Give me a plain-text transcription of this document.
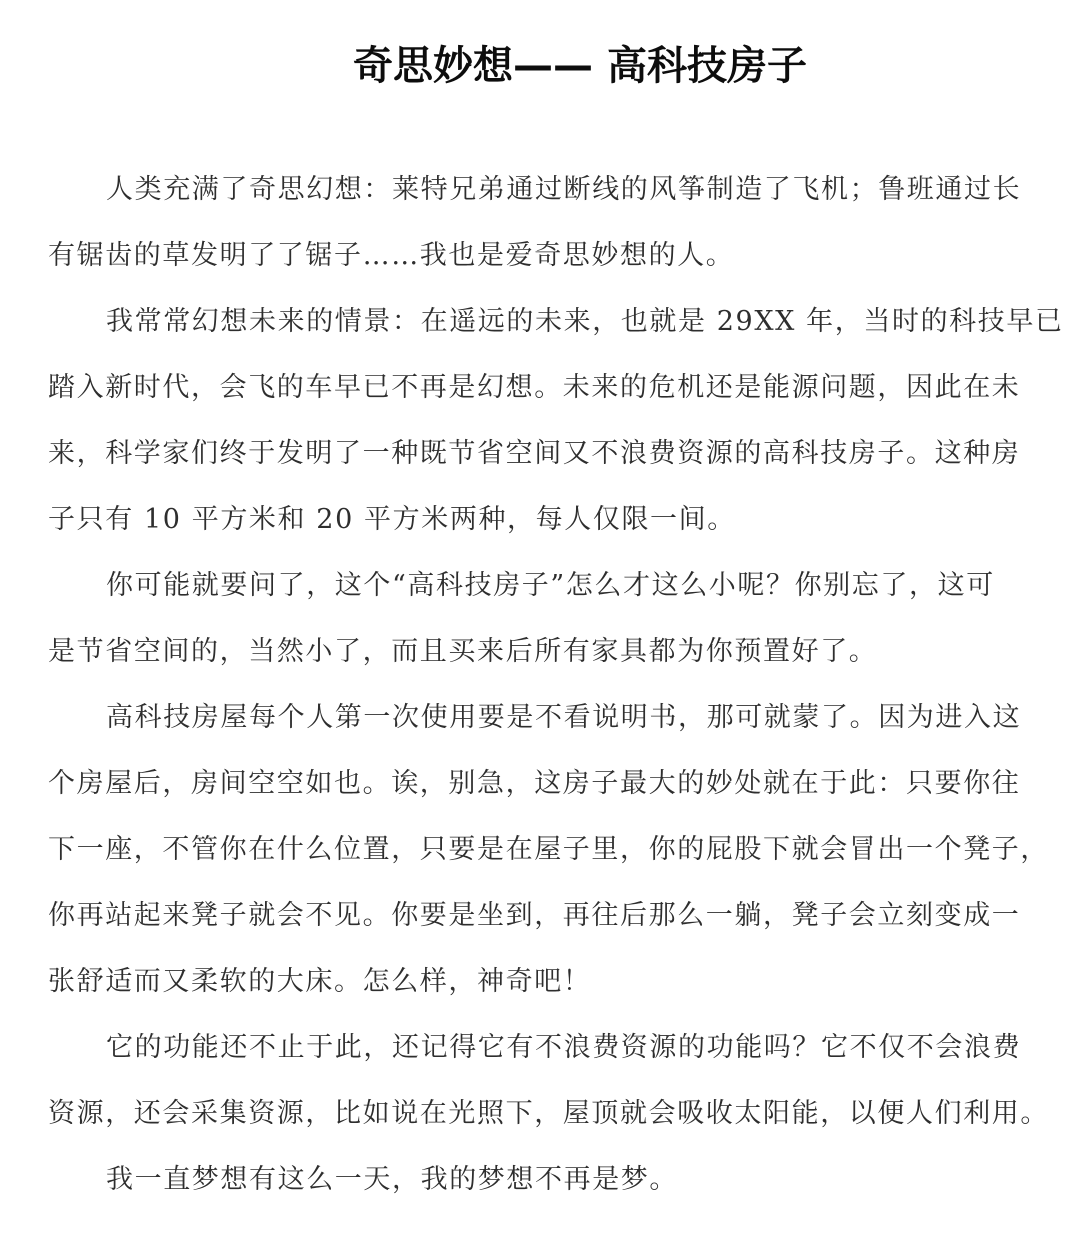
奇思妙想—— 高科技房子
人类充满了奇思幻想：莱特兄弟通过断线的风筝制造了飞机；鲁班通过长
有锯齿的草发明了了锯子……我也是爱奇思妙想的人。
我常常幻想未来的情景：在遥远的未来，也就是 29XX 年，当时的科技早已
踏入新时代，会飞的车早已不再是幻想。未来的危机还是能源问题，因此在未
来，科学家们终于发明了一种既节省空间又不浪费资源的高科技房子。这种房
子只有 10 平方米和 20 平方米两种，每人仅限一间。
你可能就要问了，这个“高科技房子”怎么才这么小呢？你别忘了，这可
是节省空间的，当然小了，而且买来后所有家具都为你预置好了。
高科技房屋每个人第一次使用要是不看说明书，那可就蒙了。因为进入这
个房屋后，房间空空如也。诶，别急，这房子最大的妙处就在于此：只要你往
下一座，不管你在什么位置，只要是在屋子里，你的屁股下就会冒出一个凳子，
你再站起来凳子就会不见。你要是坐到，再往后那么一躺，凳子会立刻变成一
张舒适而又柔软的大床。怎么样，神奇吧！
它的功能还不止于此，还记得它有不浪费资源的功能吗？它不仅不会浪费
资源，还会采集资源，比如说在光照下，屋顶就会吸收太阳能，以便人们利用。
我一直梦想有这么一天，我的梦想不再是梦。
